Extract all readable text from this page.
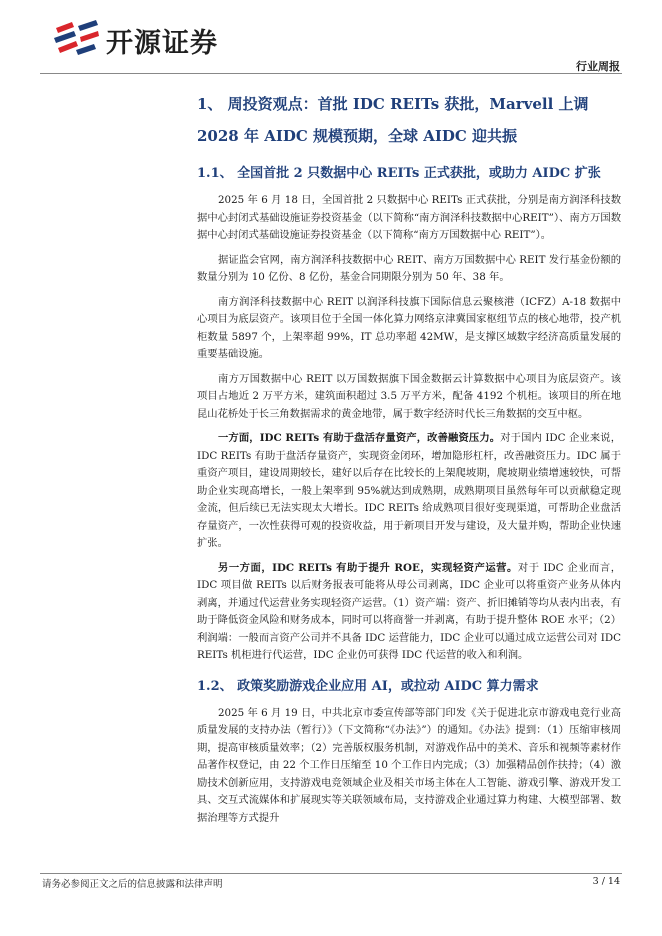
开源证券
行业周报
1、 周投资观点：首批 IDC REITs 获批，Marvell 上调 2028 年 AIDC 规模预期，全球 AIDC 迎共振
1.1、 全国首批 2 只数据中心 REITs 正式获批，或助力 AIDC 扩张

2025 年 6 月 18 日，全国首批 2 只数据中心 REITs 正式获批，分别是南方润泽科技数据中心封闭式基础设施证券投资基金（以下简称“南方润泽科技数据中心REIT”）、南方万国数据中心封闭式基础设施证券投资基金（以下简称“南方万国数据中心 REIT”）。

据证监会官网，南方润泽科技数据中心 REIT、南方万国数据中心 REIT 发行基金份额的数量分别为 10 亿份、8 亿份，基金合同期限分别为 50 年、38 年。

南方润泽科技数据中心 REIT 以润泽科技旗下国际信息云聚核港（ICFZ）A-18 数据中心项目为底层资产。该项目位于全国一体化算力网络京津冀国家枢纽节点的核心地带，投产机柜数量 5897 个，上架率超 99%，IT 总功率超 42MW，是支撑区域数字经济高质量发展的重要基础设施。

南方万国数据中心 REIT 以万国数据旗下国金数据云计算数据中心项目为底层资产。该项目占地近 2 万平方米，建筑面积超过 3.5 万平方米，配备 4192 个机柜。该项目的所在地昆山花桥处于长三角数据需求的黄金地带，属于数字经济时代长三角数据的交互中枢。

一方面，IDC REITs 有助于盘活存量资产，改善融资压力。对于国内 IDC 企业来说，IDC REITs 有助于盘活存量资产，实现资金闭环，增加隐形杠杆，改善融资压力。IDC 属于重资产项目，建设周期较长，建好以后存在比较长的上架爬坡期，爬坡期业绩增速较快，可帮助企业实现高增长，一般上架率到 95%就达到成熟期，成熟期项目虽然每年可以贡献稳定现金流，但后续已无法实现太大增长。IDC REITs 给成熟项目很好变现渠道，可帮助企业盘活存量资产，一次性获得可观的投资收益，用于新项目开发与建设，及大量并购，帮助企业快速扩张。

另一方面，IDC REITs 有助于提升 ROE，实现轻资产运营。对于 IDC 企业而言，IDC 项目做 REITs 以后财务报表可能将从母公司剥离，IDC 企业可以将重资产业务从体内剥离，并通过代运营业务实现轻资产运营。（1）资产端：资产、折旧摊销等均从表内出表，有助于降低资金风险和财务成本，同时可以将商誉一并剥离，有助于提升整体 ROE 水平；（2）利润端：一般而言资产公司并不具备 IDC 运营能力，IDC 企业可以通过成立运营公司对 IDC REITs 机柜进行代运营，IDC 企业仍可获得 IDC 代运营的收入和利润。

1.2、 政策奖励游戏企业应用 AI，或拉动 AIDC 算力需求

2025 年 6 月 19 日，中共北京市委宣传部等部门印发《关于促进北京市游戏电竞行业高质量发展的支持办法（暂行）》（下文简称“《办法》”）的通知。《办法》提到：（1）压缩审核周期，提高审核质量效率；（2）完善版权服务机制，对游戏作品中的美术、音乐和视频等素材作品著作权登记，由 22 个工作日压缩至 10 个工作日内完成；（3）加强精品创作扶持；（4）激励技术创新应用，支持游戏电竞领域企业及相关市场主体在人工智能、游戏引擎、游戏开发工具、交互式流媒体和扩展现实等关联领域布局，支持游戏企业通过算力构建、大模型部署、数据治理等方式提升

请务必参阅正文之后的信息披露和法律声明	3 / 14
